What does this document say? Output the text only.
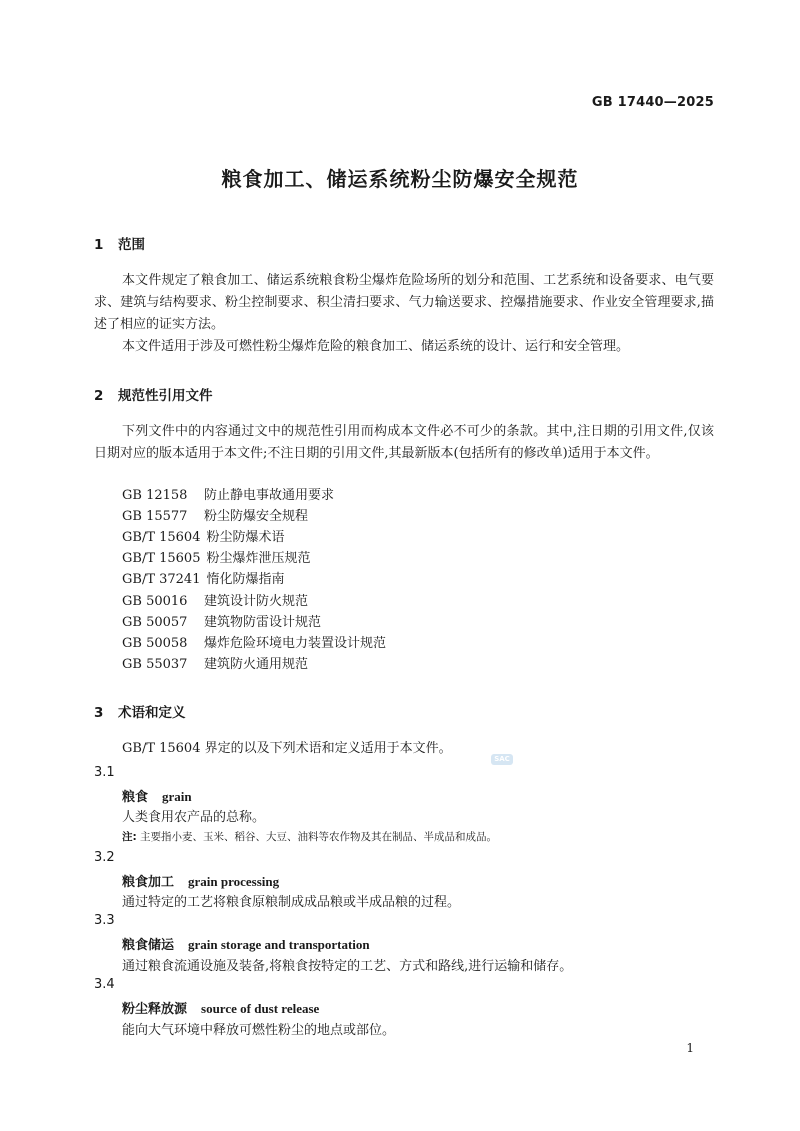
GB 17440—2025
粮食加工、储运系统粉尘防爆安全规范
1 范围
本文件规定了粮食加工、储运系统粮食粉尘爆炸危险场所的划分和范围、工艺系统和设备要求、电气要求、建筑与结构要求、粉尘控制要求、积尘清扫要求、气力输送要求、控爆措施要求、作业安全管理要求,描述了相应的证实方法。
本文件适用于涉及可燃性粉尘爆炸危险的粮食加工、储运系统的设计、运行和安全管理。
2 规范性引用文件
下列文件中的内容通过文中的规范性引用而构成本文件必不可少的条款。其中,注日期的引用文件,仅该日期对应的版本适用于本文件;不注日期的引用文件,其最新版本(包括所有的修改单)适用于本文件。
GB 12158 防止静电事故通用要求
GB 15577 粉尘防爆安全规程
GB/T 15604 粉尘防爆术语
GB/T 15605 粉尘爆炸泄压规范
GB/T 37241 惰化防爆指南
GB 50016 建筑设计防火规范
GB 50057 建筑物防雷设计规范
GB 50058 爆炸危险环境电力装置设计规范
GB 55037 建筑防火通用规范
3 术语和定义
GB/T 15604 界定的以及下列术语和定义适用于本文件。
SAC
3.1
粮食 grain
人类食用农产品的总称。
注: 主要指小麦、玉米、稻谷、大豆、油料等农作物及其在制品、半成品和成品。
3.2
粮食加工 grain processing
通过特定的工艺将粮食原粮制成成品粮或半成品粮的过程。
3.3
粮食储运 grain storage and transportation
通过粮食流通设施及装备,将粮食按特定的工艺、方式和路线,进行运输和储存。
3.4
粉尘释放源 source of dust release
能向大气环境中释放可燃性粉尘的地点或部位。
1
